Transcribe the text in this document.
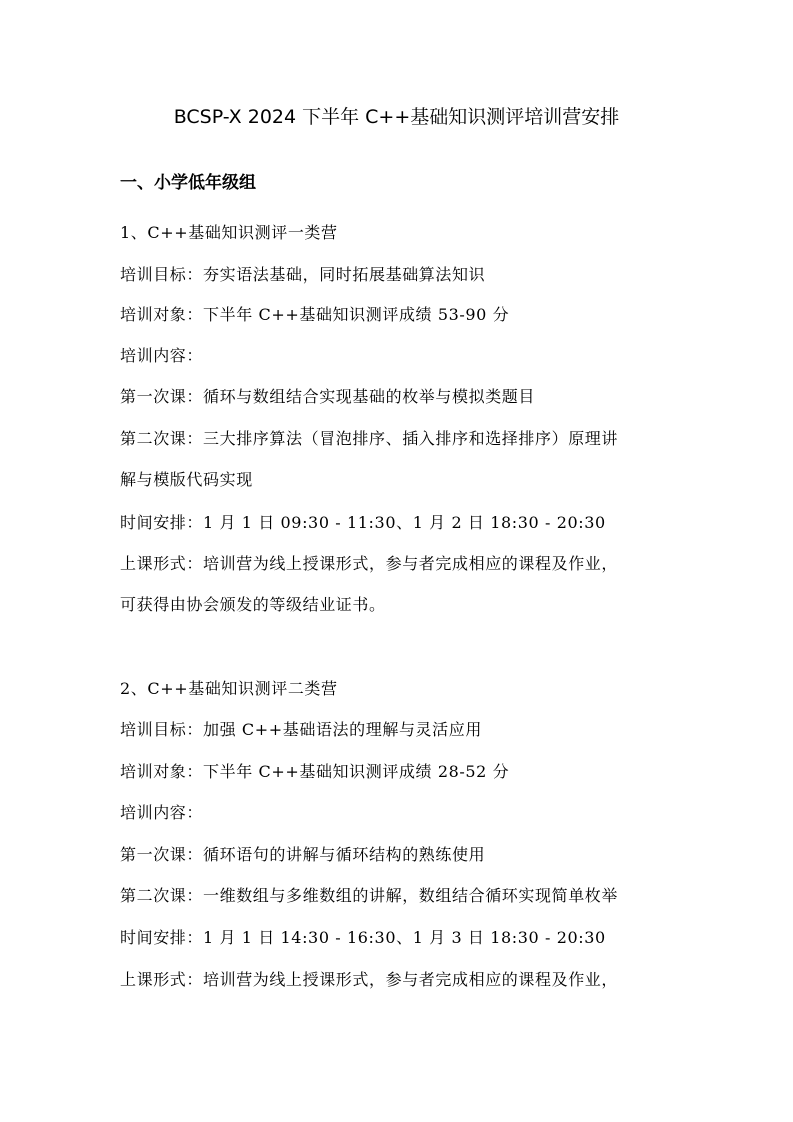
BCSP-X 2024 下半年 C++基础知识测评培训营安排
一、小学低年级组
1、C++基础知识测评一类营
培训目标：夯实语法基础，同时拓展基础算法知识
培训对象：下半年 C++基础知识测评成绩 53-90 分
培训内容：
第一次课：循环与数组结合实现基础的枚举与模拟类题目
第二次课：三大排序算法（冒泡排序、插入排序和选择排序）原理讲
解与模版代码实现
时间安排：1 月 1 日 09:30 - 11:30、1 月 2 日 18:30 - 20:30
上课形式：培训营为线上授课形式，参与者完成相应的课程及作业，
可获得由协会颁发的等级结业证书。
2、C++基础知识测评二类营
培训目标：加强 C++基础语法的理解与灵活应用
培训对象：下半年 C++基础知识测评成绩 28-52 分
培训内容：
第一次课：循环语句的讲解与循环结构的熟练使用
第二次课：一维数组与多维数组的讲解，数组结合循环实现简单枚举
时间安排：1 月 1 日 14:30 - 16:30、1 月 3 日 18:30 - 20:30
上课形式：培训营为线上授课形式，参与者完成相应的课程及作业，
